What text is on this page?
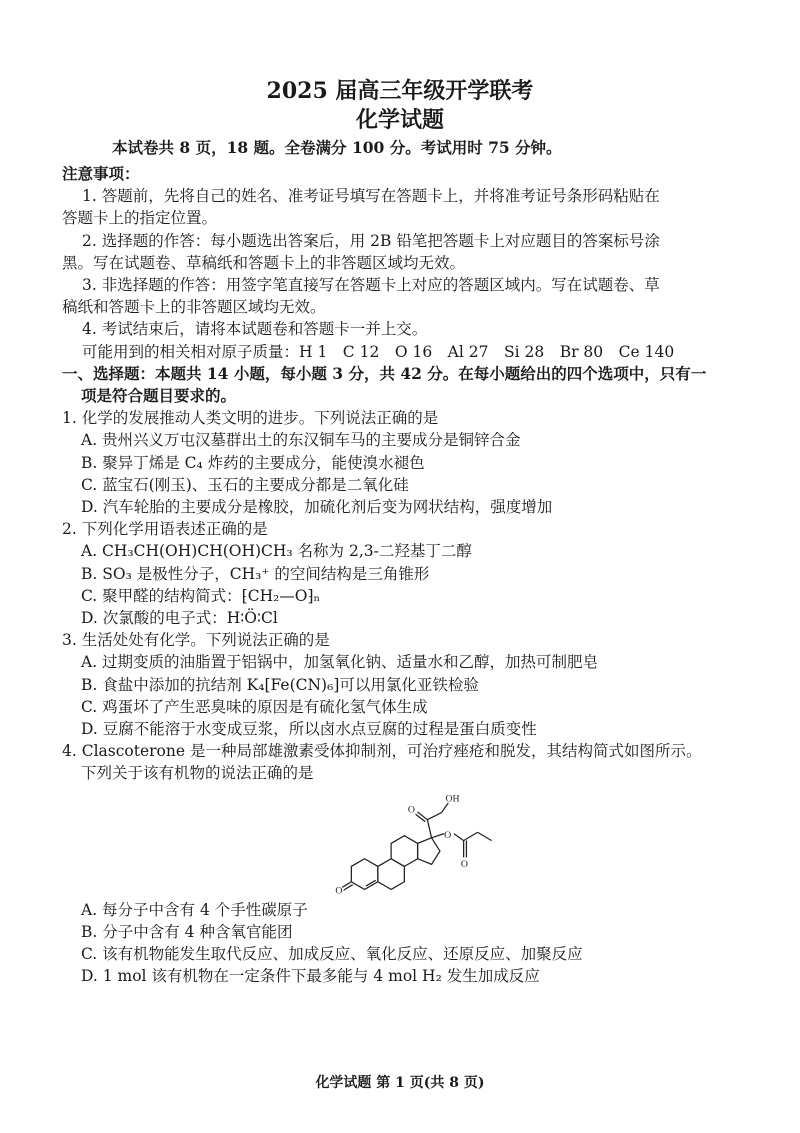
2025 届高三年级开学联考
化学试题
本试卷共 8 页，18 题。全卷满分 100 分。考试用时 75 分钟。
注意事项：
1. 答题前，先将自己的姓名、准考证号填写在答题卡上，并将准考证号条形码粘贴在
答题卡上的指定位置。
2. 选择题的作答：每小题选出答案后，用 2B 铅笔把答题卡上对应题目的答案标号涂
黑。写在试题卷、草稿纸和答题卡上的非答题区域均无效。
3. 非选择题的作答：用签字笔直接写在答题卡上对应的答题区域内。写在试题卷、草
稿纸和答题卡上的非答题区域均无效。
4. 考试结束后，请将本试题卷和答题卡一并上交。
可能用到的相关相对原子质量：H 1　C 12　O 16　Al 27　Si 28　Br 80　Ce 140
一、选择题：本题共 14 小题，每小题 3 分，共 42 分。在每小题给出的四个选项中，只有一
项是符合题目要求的。
1. 化学的发展推动人类文明的进步。下列说法正确的是
A. 贵州兴义万屯汉墓群出土的东汉铜车马的主要成分是铜锌合金
B. 聚异丁烯是 C₄ 炸药的主要成分，能使溴水褪色
C. 蓝宝石(刚玉)、玉石的主要成分都是二氧化硅
D. 汽车轮胎的主要成分是橡胶，加硫化剂后变为网状结构，强度增加
2. 下列化学用语表述正确的是
A. CH₃CH(OH)CH(OH)CH₃ 名称为 2,3-二羟基丁二醇
B. SO₃ 是极性分子，CH₃⁺ 的空间结构是三角锥形
C. 聚甲醛的结构简式：⁅CH₂—O⁆ₙ
D. 次氯酸的电子式：H∶Ö∶Cl
3. 生活处处有化学。下列说法正确的是
A. 过期变质的油脂置于铝锅中，加氢氧化钠、适量水和乙醇，加热可制肥皂
B. 食盐中添加的抗结剂 K₄[Fe(CN)₆]可以用氯化亚铁检验
C. 鸡蛋坏了产生恶臭味的原因是有硫化氢气体生成
D. 豆腐不能溶于水变成豆浆，所以卤水点豆腐的过程是蛋白质变性
4. Clascoterone 是一种局部雄激素受体抑制剂，可治疗痤疮和脱发，其结构简式如图所示。
下列关于该有机物的说法正确的是
O
O
OH
O
O
A. 每分子中含有 4 个手性碳原子
B. 分子中含有 4 种含氧官能团
C. 该有机物能发生取代反应、加成反应、氧化反应、还原反应、加聚反应
D. 1 mol 该有机物在一定条件下最多能与 4 mol H₂ 发生加成反应
化学试题 第 1 页(共 8 页)
